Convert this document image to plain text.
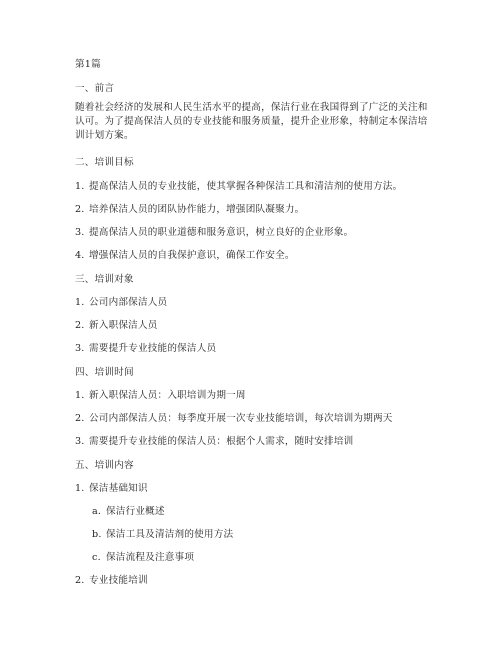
第1篇
一、前言
随着社会经济的发展和人民生活水平的提高，保洁行业在我国得到了广泛的关注和认可。为了提高保洁人员的专业技能和服务质量，提升企业形象，特制定本保洁培训计划方案。
二、培训目标
1. 提高保洁人员的专业技能，使其掌握各种保洁工具和清洁剂的使用方法。
2. 培养保洁人员的团队协作能力，增强团队凝聚力。
3. 提高保洁人员的职业道德和服务意识，树立良好的企业形象。
4. 增强保洁人员的自我保护意识，确保工作安全。
三、培训对象
1. 公司内部保洁人员
2. 新入职保洁人员
3. 需要提升专业技能的保洁人员
四、培训时间
1. 新入职保洁人员：入职培训为期一周
2. 公司内部保洁人员：每季度开展一次专业技能培训，每次培训为期两天
3. 需要提升专业技能的保洁人员：根据个人需求，随时安排培训
五、培训内容
1. 保洁基础知识
a. 保洁行业概述
b. 保洁工具及清洁剂的使用方法
c. 保洁流程及注意事项
2. 专业技能培训
